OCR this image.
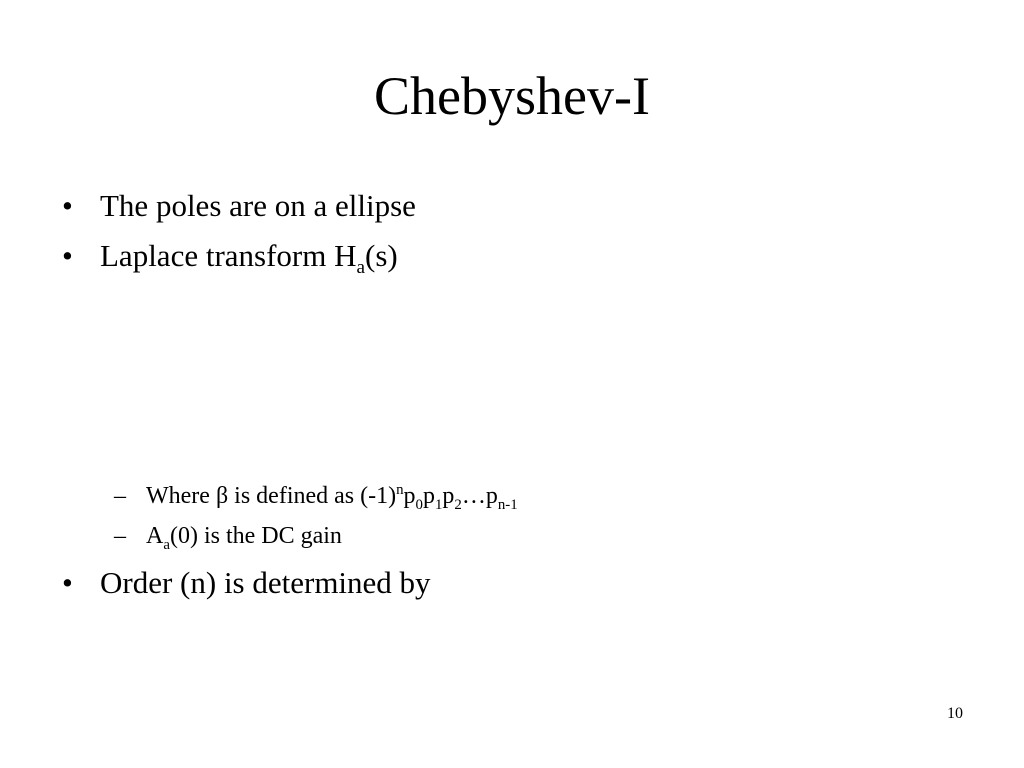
Chebyshev-I
• The poles are on a ellipse
• Laplace transform $H_a(s)$
– Where β is defined as $(-1)^np_0p_1p_2\dots p_{n-1}$
– $A_a(0)$ is the DC gain
• Order (n) is determined by
10
